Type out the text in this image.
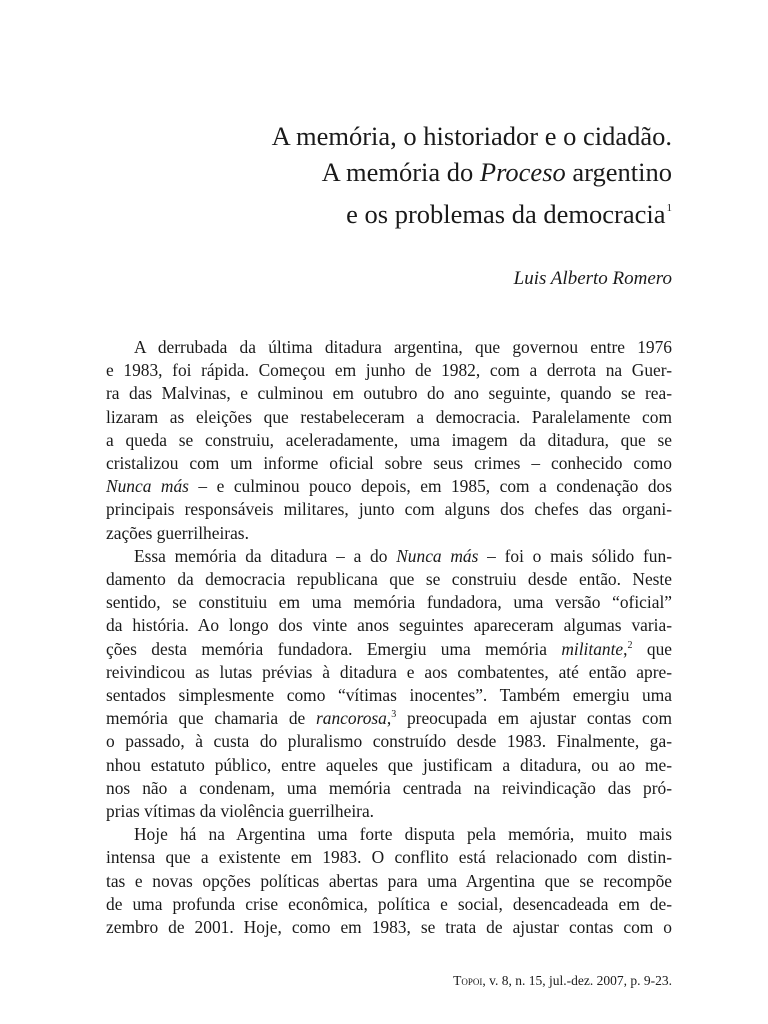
A memória, o historiador e o cidadão.
A memória do Proceso argentino
e os problemas da democracia$^1$
Luis Alberto Romero
A derrubada da última ditadura argentina, que governou entre 1976
e 1983, foi rápida. Começou em junho de 1982, com a derrota na Guer-
ra das Malvinas, e culminou em outubro do ano seguinte, quando se rea-
lizaram as eleições que restabeleceram a democracia. Paralelamente com
a queda se construiu, aceleradamente, uma imagem da ditadura, que se
cristalizou com um informe oficial sobre seus crimes – conhecido como
Nunca más – e culminou pouco depois, em 1985, com a condenação dos
principais responsáveis militares, junto com alguns dos chefes das organi-
zações guerrilheiras.
Essa memória da ditadura – a do Nunca más – foi o mais sólido fun-
damento da democracia republicana que se construiu desde então. Neste
sentido, se constituiu em uma memória fundadora, uma versão “oficial”
da história. Ao longo dos vinte anos seguintes apareceram algumas varia-
ções desta memória fundadora. Emergiu uma memória militante,$^2$ que
reivindicou as lutas prévias à ditadura e aos combatentes, até então apre-
sentados simplesmente como “vítimas inocentes”. Também emergiu uma
memória que chamaria de rancorosa,$^3$ preocupada em ajustar contas com
o passado, à custa do pluralismo construído desde 1983. Finalmente, ga-
nhou estatuto público, entre aqueles que justificam a ditadura, ou ao me-
nos não a condenam, uma memória centrada na reivindicação das pró-
prias vítimas da violência guerrilheira.
Hoje há na Argentina uma forte disputa pela memória, muito mais
intensa que a existente em 1983. O conflito está relacionado com distin-
tas e novas opções políticas abertas para uma Argentina que se recompõe
de uma profunda crise econômica, política e social, desencadeada em de-
zembro de 2001. Hoje, como em 1983, se trata de ajustar contas com o
Topoi, v. 8, n. 15, jul.-dez. 2007, p. 9-23.
